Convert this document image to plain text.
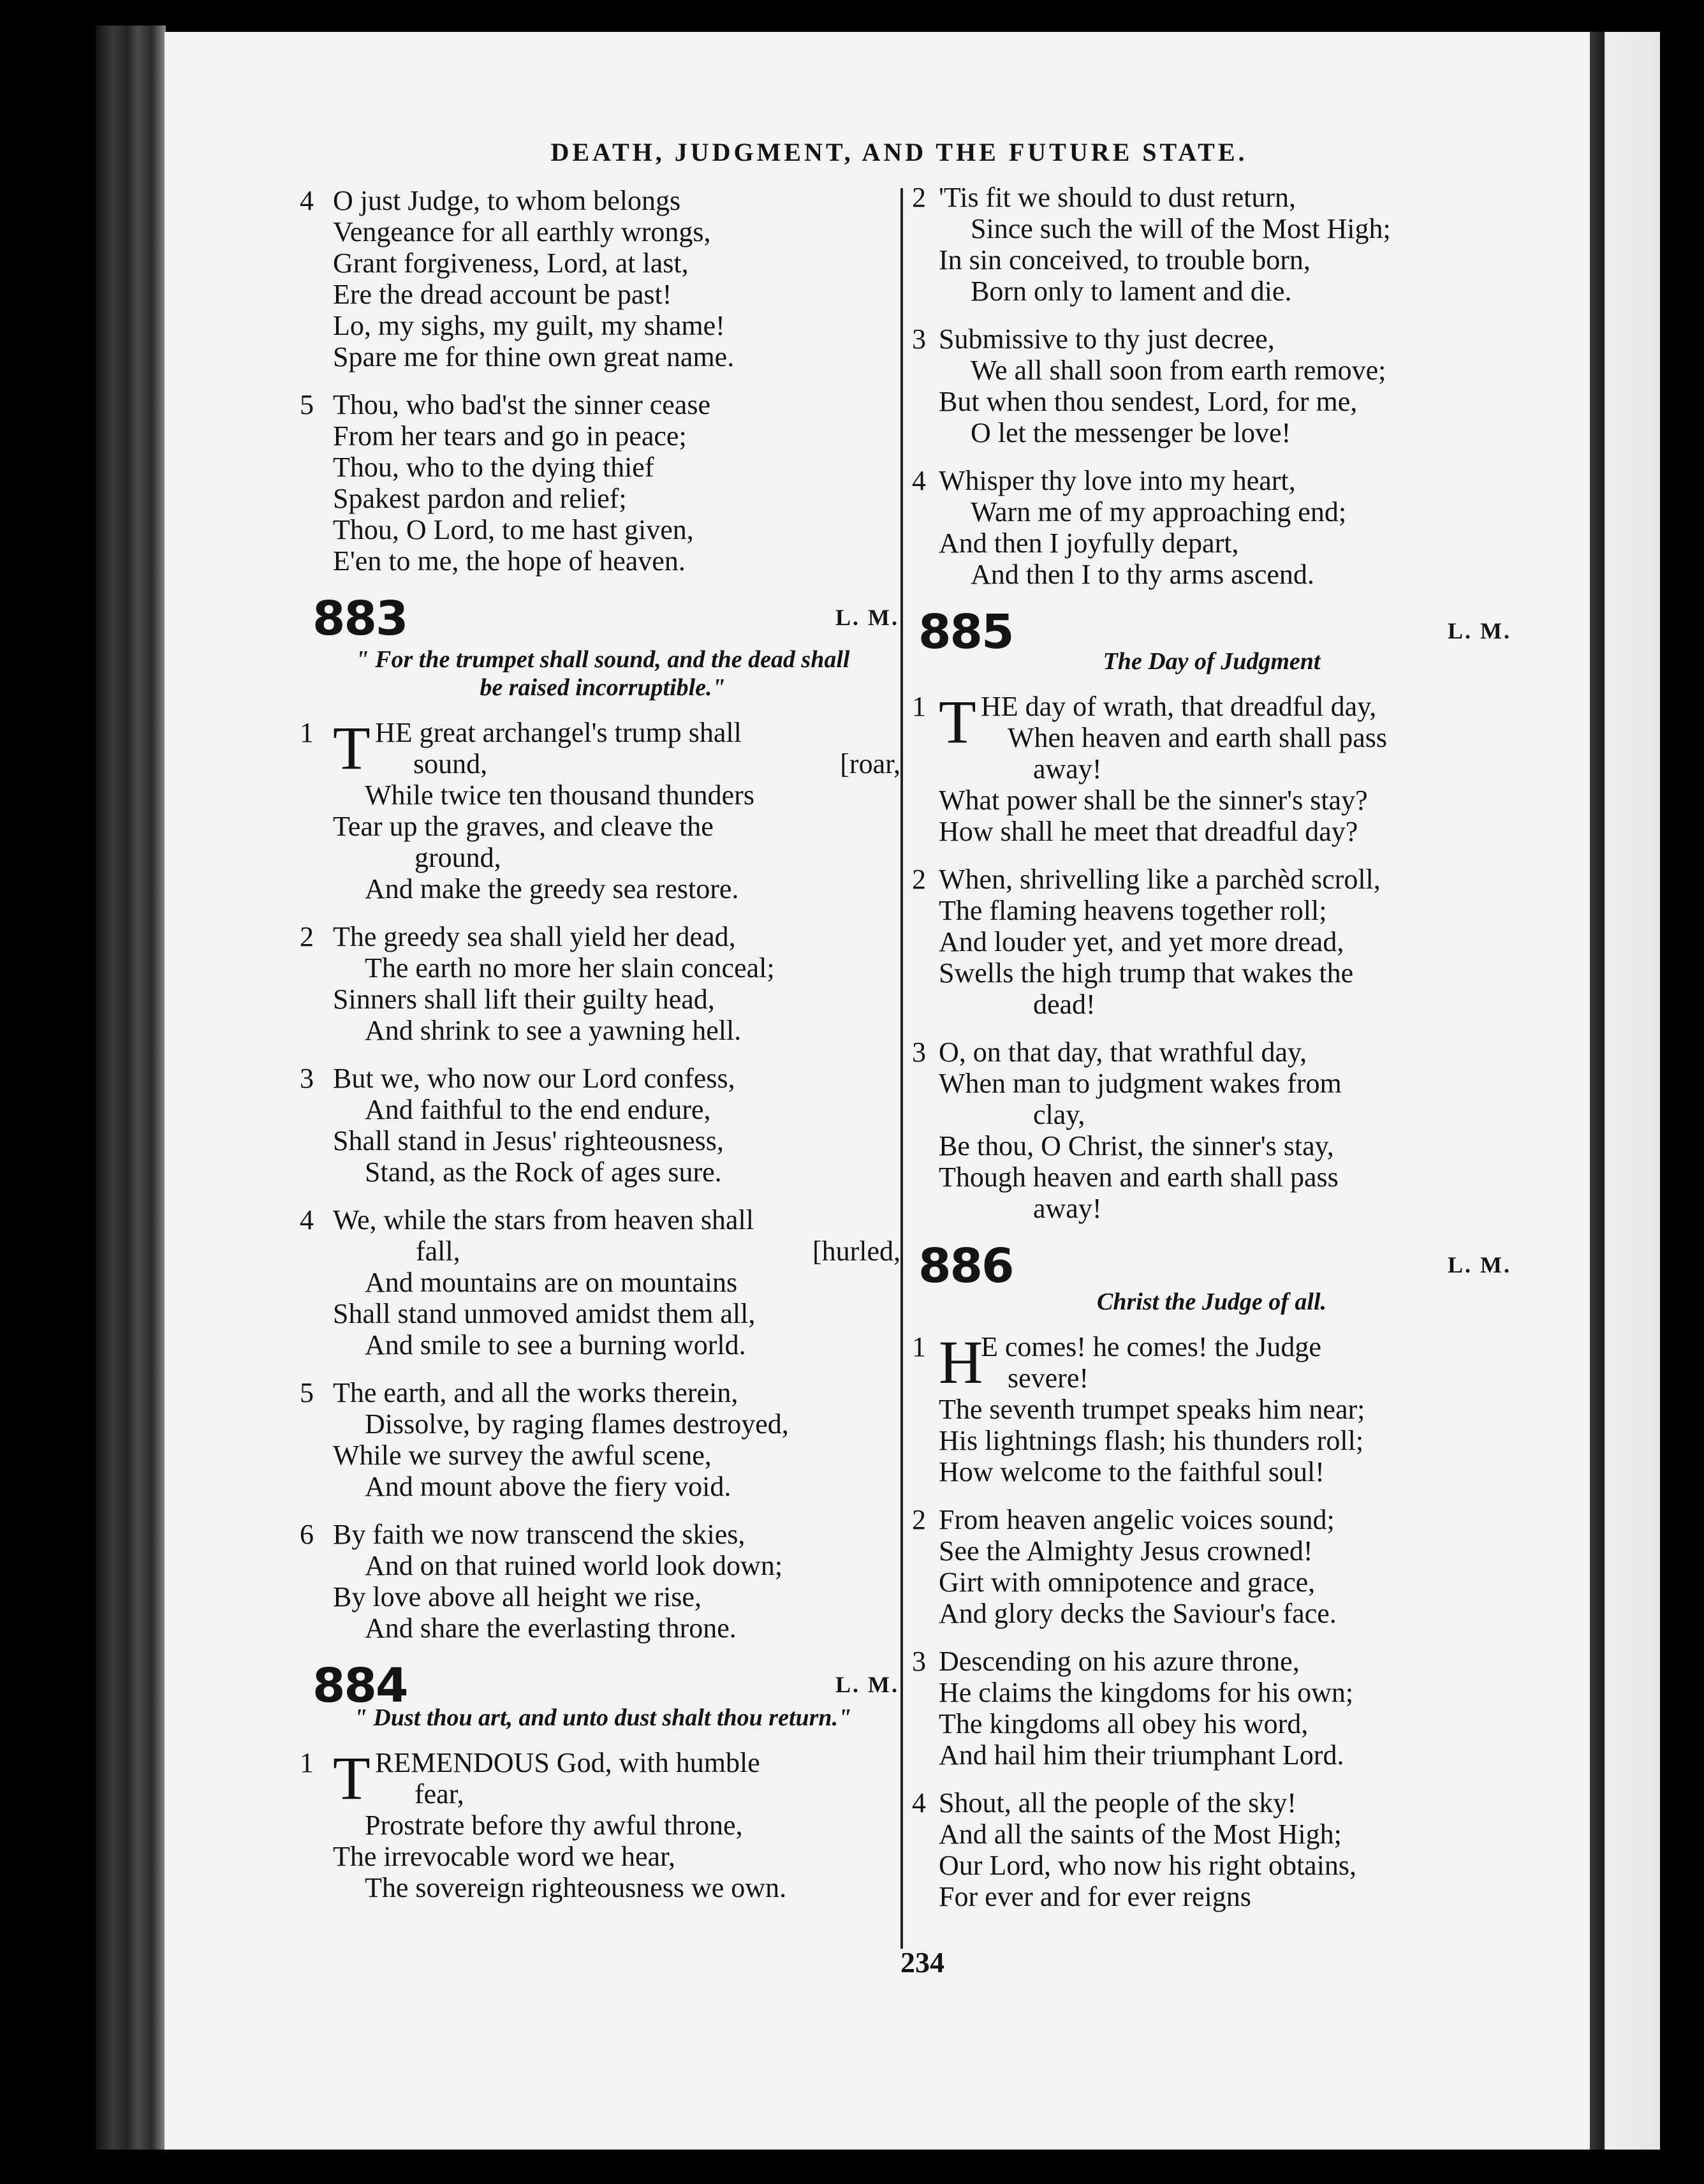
DEATH, JUDGMENT, AND THE FUTURE STATE.
4 O just Judge, to whom belongs
Vengeance for all earthly wrongs,
Grant forgiveness, Lord, at last,
Ere the dread account be past!
Lo, my sighs, my guilt, my shame!
Spare me for thine own great name.
5 Thou, who bad'st the sinner cease
From her tears and go in peace;
Thou, who to the dying thief
Spakest pardon and relief;
Thou, O Lord, to me hast given,
E'en to me, the hope of heaven.
883	L. M.
" For the trumpet shall sound, and the dead shall
be raised incorruptible."
1 T HE great archangel's trump shall
sound,	[roar,
While twice ten thousand thunders
Tear up the graves, and cleave the
ground,
And make the greedy sea restore.
2 The greedy sea shall yield her dead,
The earth no more her slain conceal;
Sinners shall lift their guilty head,
And shrink to see a yawning hell.
3 But we, who now our Lord confess,
And faithful to the end endure,
Shall stand in Jesus' righteousness,
Stand, as the Rock of ages sure.
4 We, while the stars from heaven shall
fall,	[hurled,
And mountains are on mountains
Shall stand unmoved amidst them all,
And smile to see a burning world.
5 The earth, and all the works therein,
Dissolve, by raging flames destroyed,
While we survey the awful scene,
And mount above the fiery void.
6 By faith we now transcend the skies,
And on that ruined world look down;
By love above all height we rise,
And share the everlasting throne.
884	L. M.
" Dust thou art, and unto dust shalt thou return."
1 T REMENDOUS God, with humble
fear,
Prostrate before thy awful throne,
The irrevocable word we hear,
The sovereign righteousness we own.
2 'Tis fit we should to dust return,
Since such the will of the Most High;
In sin conceived, to trouble born,
Born only to lament and die.
3 Submissive to thy just decree,
We all shall soon from earth remove;
But when thou sendest, Lord, for me,
O let the messenger be love!
4 Whisper thy love into my heart,
Warn me of my approaching end;
And then I joyfully depart,
And then I to thy arms ascend.
885	L. M.
The Day of Judgment
1 T HE day of wrath, that dreadful day,
When heaven and earth shall pass
away!
What power shall be the sinner's stay?
How shall he meet that dreadful day?
2 When, shrivelling like a parchèd scroll,
The flaming heavens together roll;
And louder yet, and yet more dread,
Swells the high trump that wakes the
dead!
3 O, on that day, that wrathful day,
When man to judgment wakes from
clay,
Be thou, O Christ, the sinner's stay,
Though heaven and earth shall pass
away!
886	L. M.
Christ the Judge of all.
1 H
E comes! he comes! the Judge
severe!
The seventh trumpet speaks him near;
His lightnings flash; his thunders roll;
How welcome to the faithful soul!
2 From heaven angelic voices sound;
See the Almighty Jesus crowned!
Girt with omnipotence and grace,
And glory decks the Saviour's face.
3 Descending on his azure throne,
He claims the kingdoms for his own;
The kingdoms all obey his word,
And hail him their triumphant Lord.
4 Shout, all the people of the sky!
And all the saints of the Most High;
Our Lord, who now his right obtains,
For ever and for ever reigns
234
